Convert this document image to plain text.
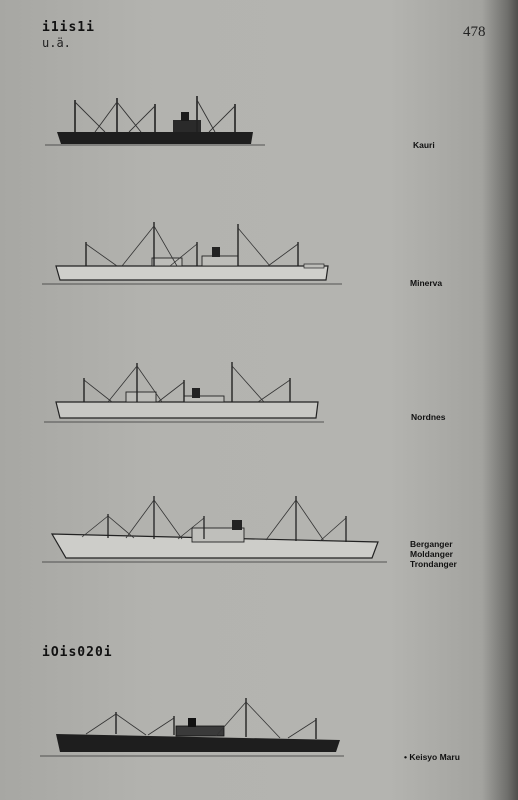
i1is1i
u.ä.
478
Kauri
Minerva
Nordnes
Berganger
Moldanger
Trondanger
iOis020i
• Keisyo Maru
